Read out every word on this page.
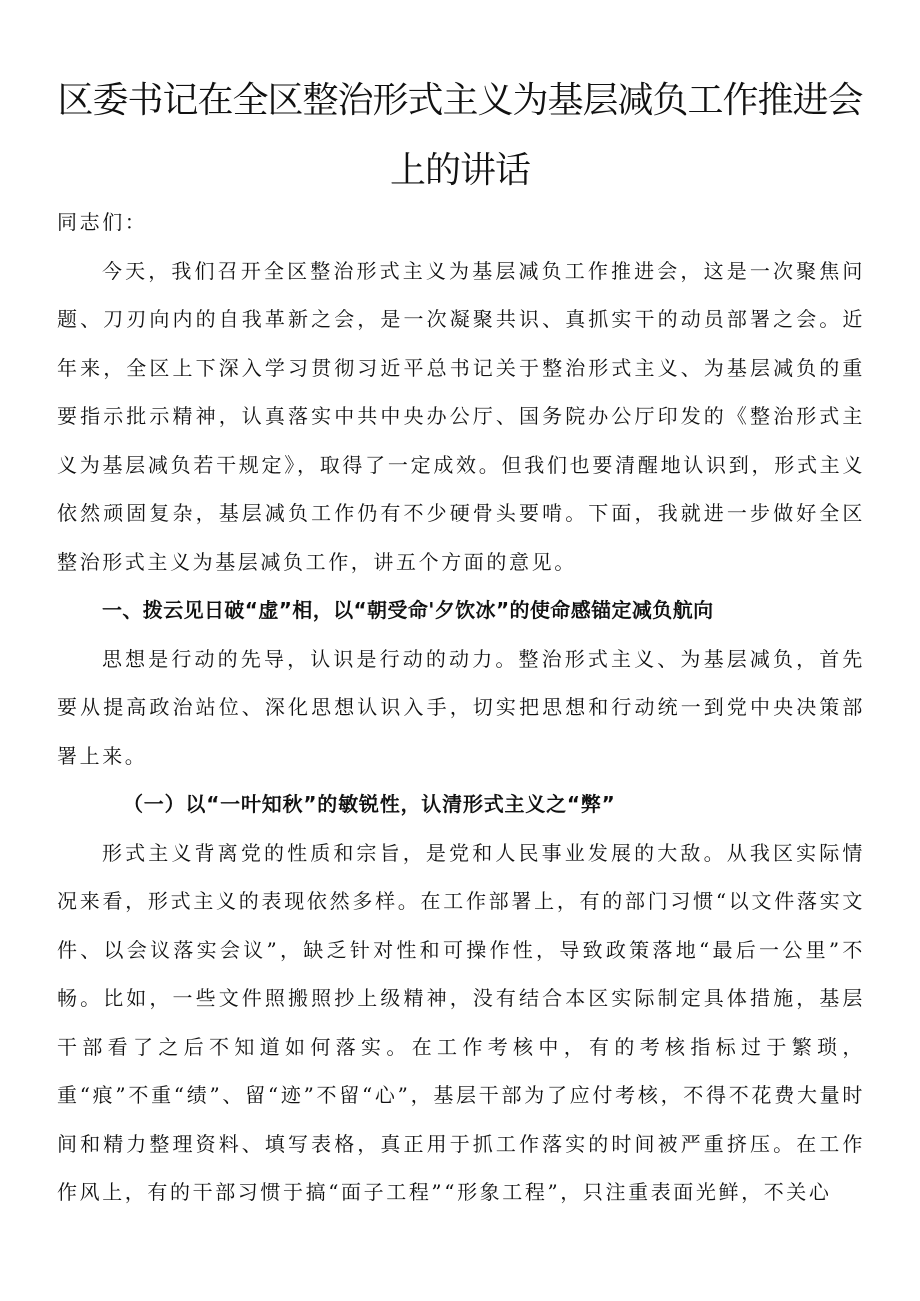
区委书记在全区整治形式主义为基层减负工作推进会
上的讲话

同志们：

今天，我们召开全区整治形式主义为基层减负工作推进会，这是一次聚焦问题、刀刃向内的自我革新之会，是一次凝聚共识、真抓实干的动员部署之会。近年来，全区上下深入学习贯彻习近平总书记关于整治形式主义、为基层减负的重要指示批示精神，认真落实中共中央办公厅、国务院办公厅印发的《整治形式主义为基层减负若干规定》，取得了一定成效。但我们也要清醒地认识到，形式主义依然顽固复杂，基层减负工作仍有不少硬骨头要啃。下面，我就进一步做好全区整治形式主义为基层减负工作，讲五个方面的意见。

一、拨云见日破“虚”相，以“朝受命'夕饮冰”的使命感锚定减负航向

思想是行动的先导，认识是行动的动力。整治形式主义、为基层减负，首先要从提高政治站位、深化思想认识入手，切实把思想和行动统一到党中央决策部署上来。

（一）以“一叶知秋”的敏锐性，认清形式主义之“弊”

形式主义背离党的性质和宗旨，是党和人民事业发展的大敌。从我区实际情况来看，形式主义的表现依然多样。在工作部署上，有的部门习惯“以文件落实文件、以会议落实会议”，缺乏针对性和可操作性，导致政策落地“最后一公里”不畅。比如，一些文件照搬照抄上级精神，没有结合本区实际制定具体措施，基层干部看了之后不知道如何落实。在工作考核中，有的考核指标过于繁琐，重“痕”不重“绩”、留“迹”不留“心”，基层干部为了应付考核，不得不花费大量时间和精力整理资料、填写表格，真正用于抓工作落实的时间被严重挤压。在工作作风上，有的干部习惯于搞“面子工程”“形象工程”，只注重表面光鲜，不关心
